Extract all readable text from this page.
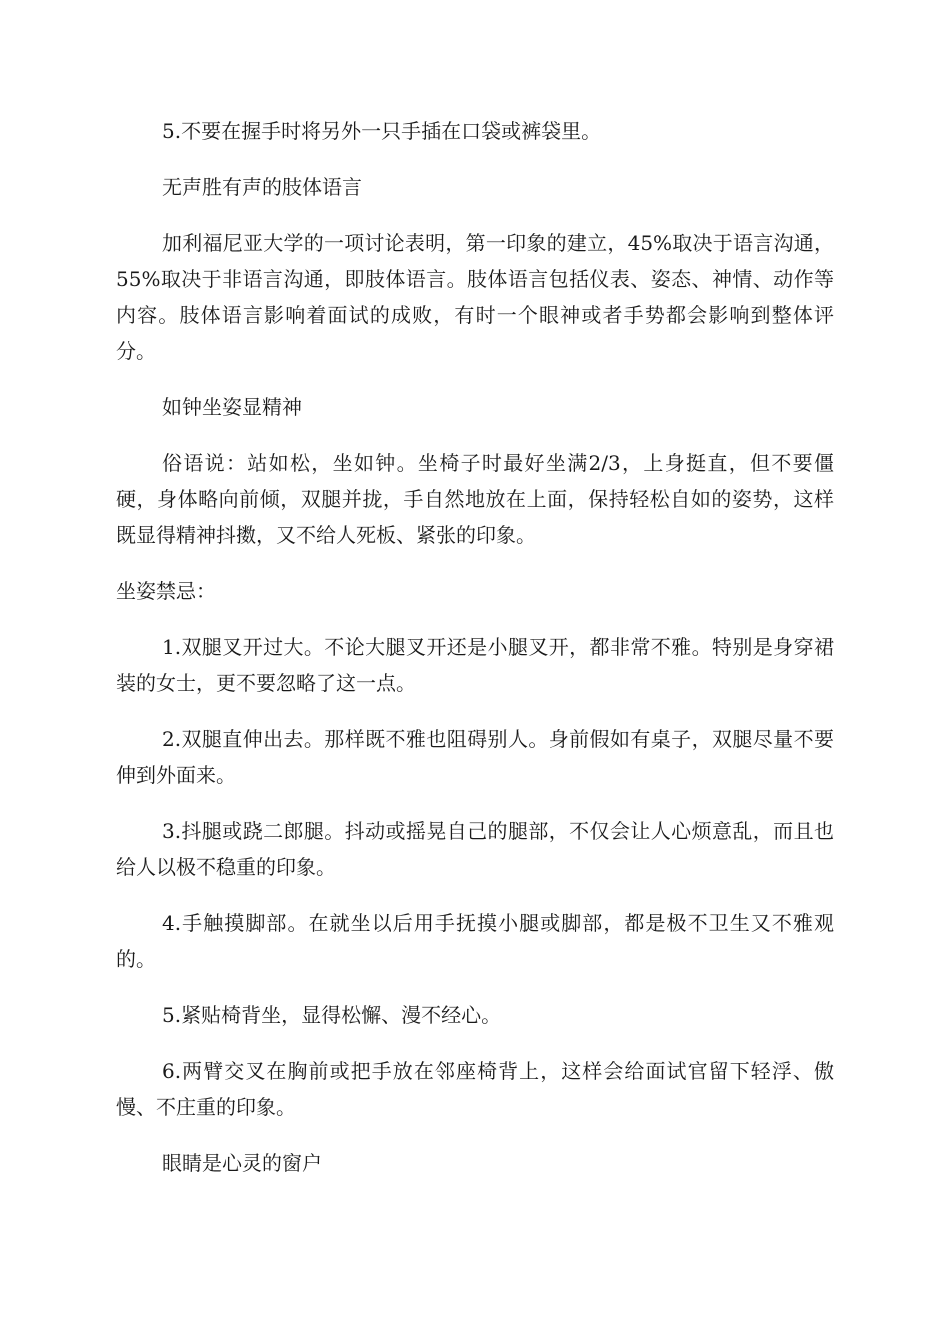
5.不要在握手时将另外一只手插在口袋或裤袋里。

无声胜有声的肢体语言

加利福尼亚大学的一项讨论表明，第一印象的建立，45%取决于语言沟通，55%取决于非语言沟通，即肢体语言。肢体语言包括仪表、姿态、神情、动作等内容。肢体语言影响着面试的成败，有时一个眼神或者手势都会影响到整体评分。

如钟坐姿显精神

俗语说：站如松，坐如钟。坐椅子时最好坐满2/3，上身挺直，但不要僵硬，身体略向前倾，双腿并拢，手自然地放在上面，保持轻松自如的姿势，这样既显得精神抖擞，又不给人死板、紧张的印象。

坐姿禁忌：

1.双腿叉开过大。不论大腿叉开还是小腿叉开，都非常不雅。特别是身穿裙装的女士，更不要忽略了这一点。

2.双腿直伸出去。那样既不雅也阻碍别人。身前假如有桌子，双腿尽量不要伸到外面来。

3.抖腿或跷二郎腿。抖动或摇晃自己的腿部，不仅会让人心烦意乱，而且也给人以极不稳重的印象。

4.手触摸脚部。在就坐以后用手抚摸小腿或脚部，都是极不卫生又不雅观的。

5.紧贴椅背坐，显得松懈、漫不经心。

6.两臂交叉在胸前或把手放在邻座椅背上，这样会给面试官留下轻浮、傲慢、不庄重的印象。

眼睛是心灵的窗户
